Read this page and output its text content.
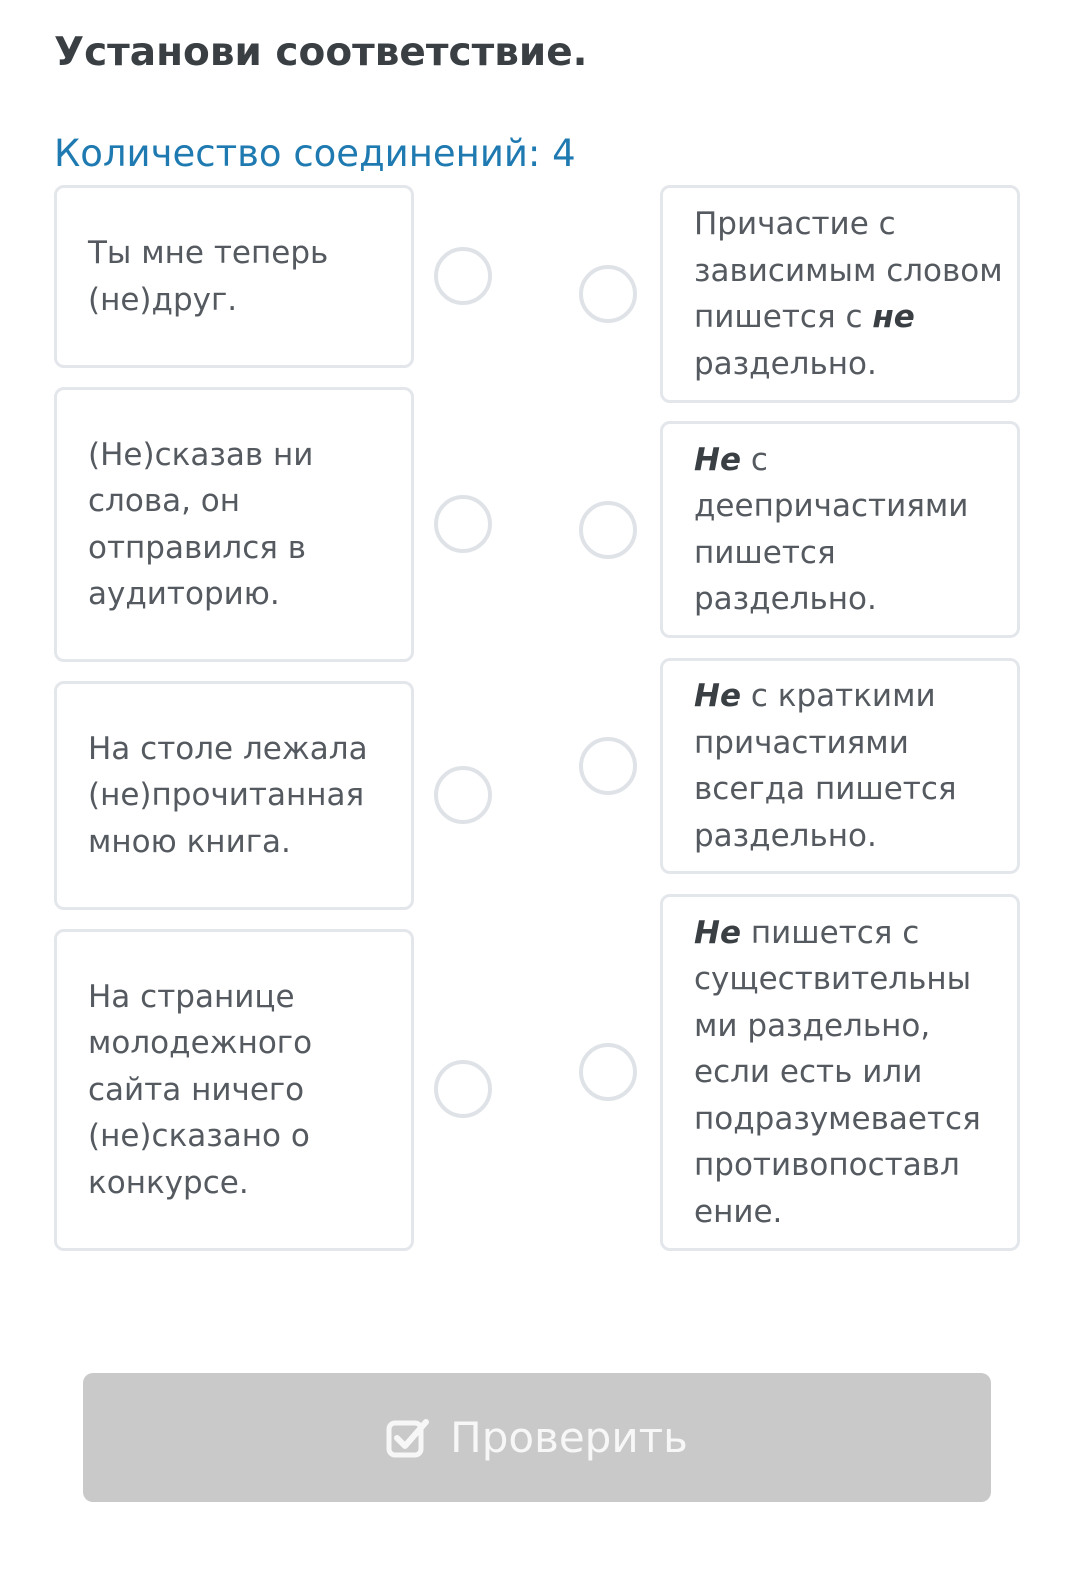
Установи соответствие.
Количество соединений: 4
Ты мне теперь (не)друг.
(Не)сказав ни слова, он отправился в аудиторию.
На столе лежала (не)прочитанная мною книга.
На странице молодежного сайта ничего (не)сказано о конкурсе.
Причастие с зависимым словом пишется с не раздельно.
Не с деепричастиями пишется раздельно.
Не с краткими причастиями всегда пишется раздельно.
Не пишется с существительны ми раздельно, если есть или подразумевается противопоставл ение.
Проверить
